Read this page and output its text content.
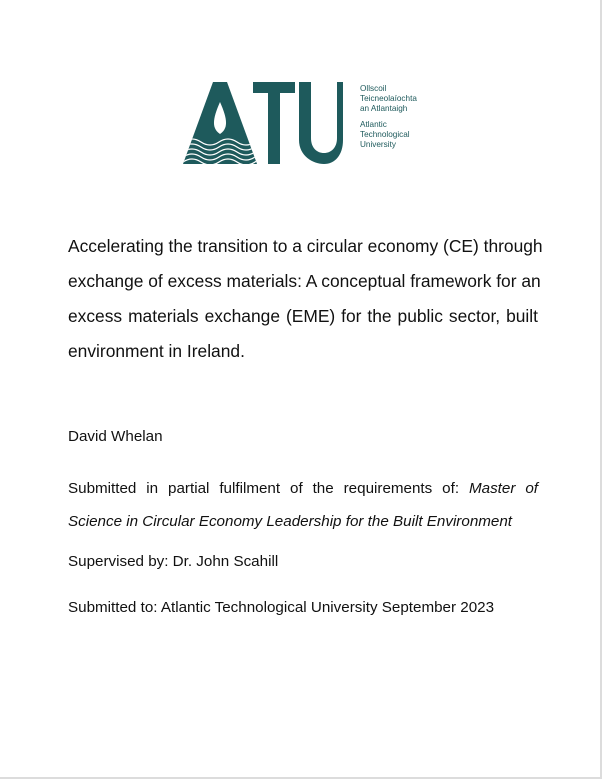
Ollscoil
Teicneolaíochta
an Atlantaigh
Atlantic
Technological
University
Accelerating the transition to a circular economy (CE) through
exchange of excess materials: A conceptual framework for an
excess materials exchange (EME) for the public sector, built
environment in Ireland.
David Whelan
Submitted in partial fulfilment of the requirements of: Master of
Science in Circular Economy Leadership for the Built Environment
Supervised by: Dr. John Scahill
Submitted to: Atlantic Technological University September 2023
